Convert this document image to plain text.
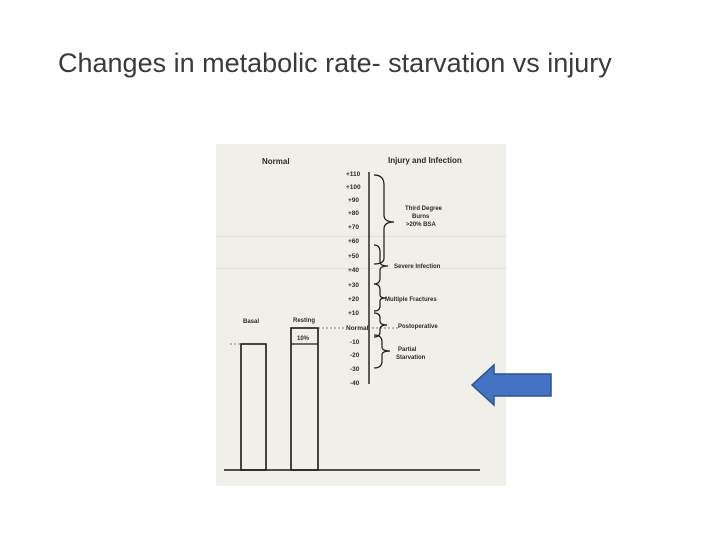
Changes in metabolic rate- starvation vs injury
Normal	Injury and Infection
Basal	Resting
10%
+110
+100
+90
+80
+70
+60
+50
+40
+30
+20
+10
Normal
-10
-20
-30
-40
Third Degree
Burns
>20% BSA
Severe Infection
Multiple Fractures
Postoperative
Partial
Starvation
